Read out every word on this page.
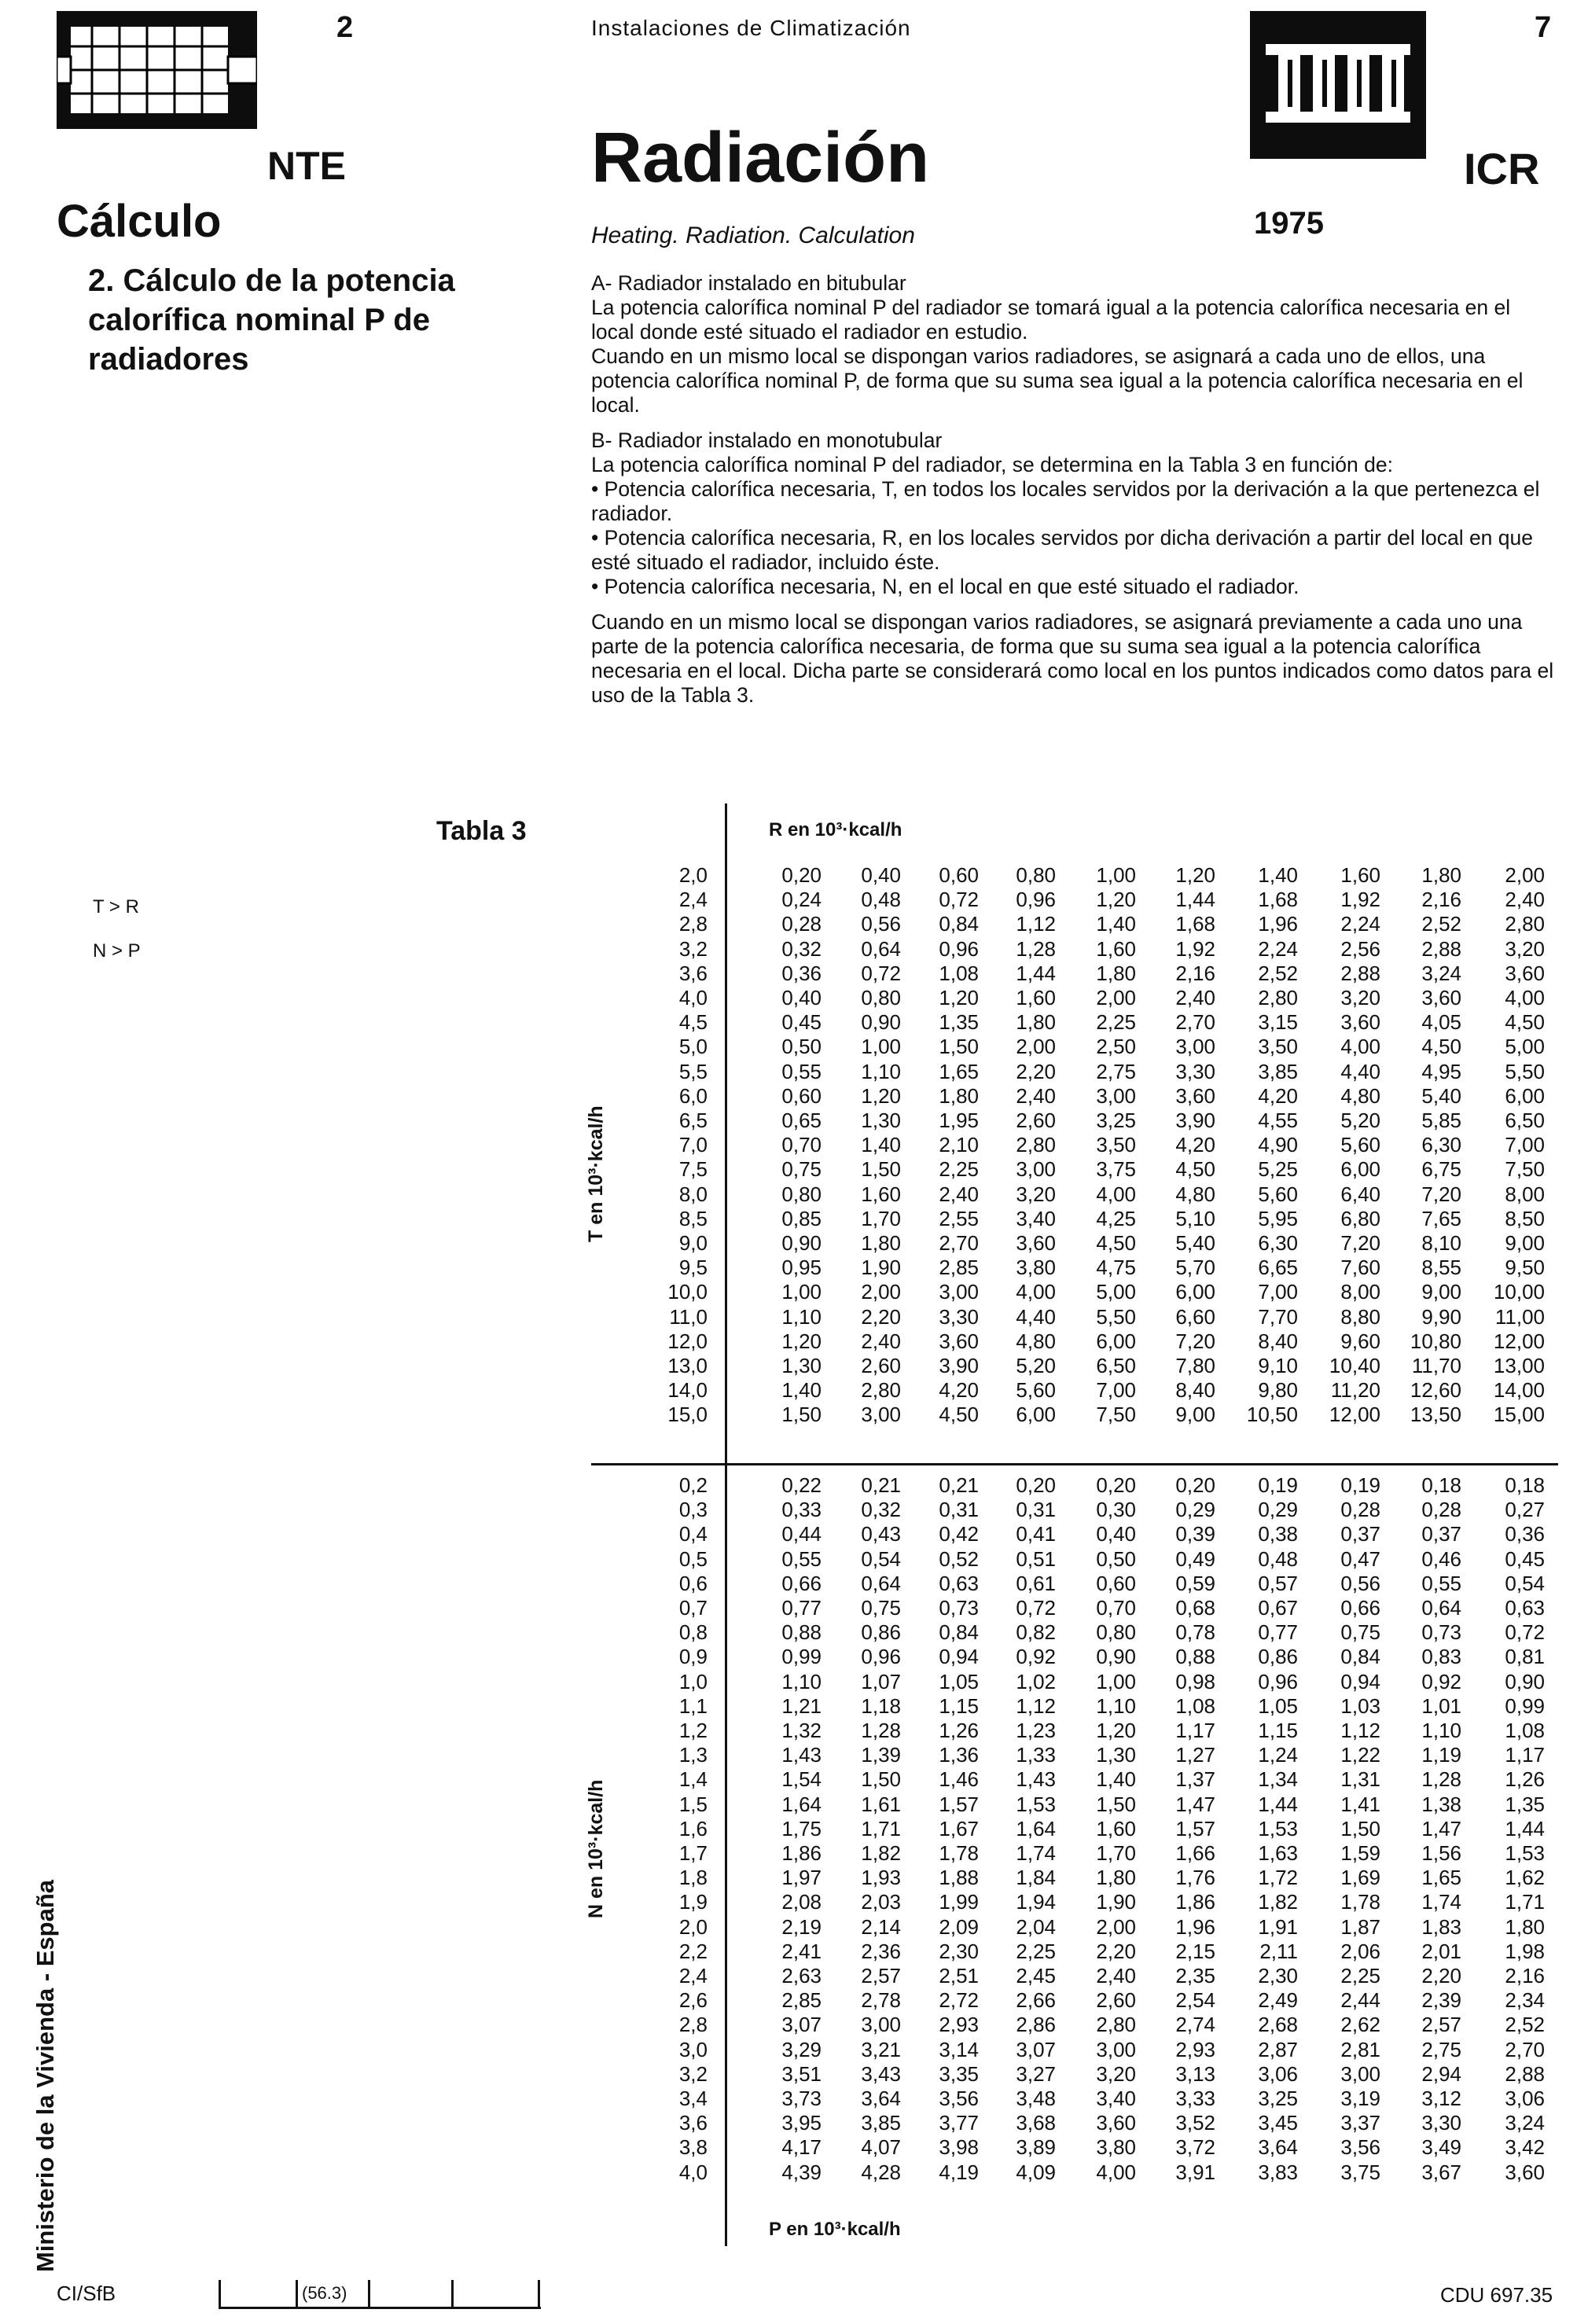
2	Instalaciones de Climatización
Radiación
NTE
Cálculo	Heating. Radiation. Calculation
7
ICR
1975
2. Cálculo de la potencia calorífica nominal P de radiadores

A- Radiador instalado en bitubular

La potencia calorífica nominal P del radiador se tomará igual a la potencia calorífica necesaria en el local donde esté situado el radiador en estudio.

Cuando en un mismo local se dispongan varios radiadores, se asignará a cada uno de ellos, una potencia calorífica nominal P, de forma que su suma sea igual a la potencia calorífica necesaria en el local.

B- Radiador instalado en monotubular

La potencia calorífica nominal P del radiador, se determina en la Tabla 3 en función de:

• Potencia calorífica necesaria, T, en todos los locales servidos por la derivación a la que pertenezca el radiador.

• Potencia calorífica necesaria, R, en los locales servidos por dicha derivación a partir del local en que esté situado el radiador, incluido éste.

• Potencia calorífica necesaria, N, en el local en que esté situado el radiador.

Cuando en un mismo local se dispongan varios radiadores, se asignará previamente a cada uno una parte de la potencia calorífica necesaria, de forma que su suma sea igual a la potencia calorífica necesaria en el local. Dicha parte se considerará como local en los puntos indicados como datos para el uso de la Tabla 3.

T > R
N > P
Tabla 3	R en 10³·kcal/h
P en 10³·kcal/h
T en 10³·kcal/h
N en 10³·kcal/h
2,0	0,20	0,40	0,60	0,80	1,00	1,20	1,40	1,60	1,80	2,00
2,4	0,24	0,48	0,72	0,96	1,20	1,44	1,68	1,92	2,16	2,40
2,8	0,28	0,56	0,84	1,12	1,40	1,68	1,96	2,24	2,52	2,80
3,2	0,32	0,64	0,96	1,28	1,60	1,92	2,24	2,56	2,88	3,20
3,6	0,36	0,72	1,08	1,44	1,80	2,16	2,52	2,88	3,24	3,60
4,0	0,40	0,80	1,20	1,60	2,00	2,40	2,80	3,20	3,60	4,00
4,5	0,45	0,90	1,35	1,80	2,25	2,70	3,15	3,60	4,05	4,50
5,0	0,50	1,00	1,50	2,00	2,50	3,00	3,50	4,00	4,50	5,00
5,5	0,55	1,10	1,65	2,20	2,75	3,30	3,85	4,40	4,95	5,50
6,0	0,60	1,20	1,80	2,40	3,00	3,60	4,20	4,80	5,40	6,00
6,5	0,65	1,30	1,95	2,60	3,25	3,90	4,55	5,20	5,85	6,50
7,0	0,70	1,40	2,10	2,80	3,50	4,20	4,90	5,60	6,30	7,00
7,5	0,75	1,50	2,25	3,00	3,75	4,50	5,25	6,00	6,75	7,50
8,0	0,80	1,60	2,40	3,20	4,00	4,80	5,60	6,40	7,20	8,00
8,5	0,85	1,70	2,55	3,40	4,25	5,10	5,95	6,80	7,65	8,50
9,0	0,90	1,80	2,70	3,60	4,50	5,40	6,30	7,20	8,10	9,00
9,5	0,95	1,90	2,85	3,80	4,75	5,70	6,65	7,60	8,55	9,50
10,0	1,00	2,00	3,00	4,00	5,00	6,00	7,00	8,00	9,00	10,00
11,0	1,10	2,20	3,30	4,40	5,50	6,60	7,70	8,80	9,90	11,00
12,0	1,20	2,40	3,60	4,80	6,00	7,20	8,40	9,60	10,80	12,00
13,0	1,30	2,60	3,90	5,20	6,50	7,80	9,10	10,40	11,70	13,00
14,0	1,40	2,80	4,20	5,60	7,00	8,40	9,80	11,20	12,60	14,00
15,0	1,50	3,00	4,50	6,00	7,50	9,00	10,50	12,00	13,50	15,00
0,2	0,22	0,21	0,21	0,20	0,20	0,20	0,19	0,19	0,18	0,18
0,3	0,33	0,32	0,31	0,31	0,30	0,29	0,29	0,28	0,28	0,27
0,4	0,44	0,43	0,42	0,41	0,40	0,39	0,38	0,37	0,37	0,36
0,5	0,55	0,54	0,52	0,51	0,50	0,49	0,48	0,47	0,46	0,45
0,6	0,66	0,64	0,63	0,61	0,60	0,59	0,57	0,56	0,55	0,54
0,7	0,77	0,75	0,73	0,72	0,70	0,68	0,67	0,66	0,64	0,63
0,8	0,88	0,86	0,84	0,82	0,80	0,78	0,77	0,75	0,73	0,72
0,9	0,99	0,96	0,94	0,92	0,90	0,88	0,86	0,84	0,83	0,81
1,0	1,10	1,07	1,05	1,02	1,00	0,98	0,96	0,94	0,92	0,90
1,1	1,21	1,18	1,15	1,12	1,10	1,08	1,05	1,03	1,01	0,99
1,2	1,32	1,28	1,26	1,23	1,20	1,17	1,15	1,12	1,10	1,08
1,3	1,43	1,39	1,36	1,33	1,30	1,27	1,24	1,22	1,19	1,17
1,4	1,54	1,50	1,46	1,43	1,40	1,37	1,34	1,31	1,28	1,26
1,5	1,64	1,61	1,57	1,53	1,50	1,47	1,44	1,41	1,38	1,35
1,6	1,75	1,71	1,67	1,64	1,60	1,57	1,53	1,50	1,47	1,44
1,7	1,86	1,82	1,78	1,74	1,70	1,66	1,63	1,59	1,56	1,53
1,8	1,97	1,93	1,88	1,84	1,80	1,76	1,72	1,69	1,65	1,62
1,9	2,08	2,03	1,99	1,94	1,90	1,86	1,82	1,78	1,74	1,71
2,0	2,19	2,14	2,09	2,04	2,00	1,96	1,91	1,87	1,83	1,80
2,2	2,41	2,36	2,30	2,25	2,20	2,15	2,11	2,06	2,01	1,98
2,4	2,63	2,57	2,51	2,45	2,40	2,35	2,30	2,25	2,20	2,16
2,6	2,85	2,78	2,72	2,66	2,60	2,54	2,49	2,44	2,39	2,34
2,8	3,07	3,00	2,93	2,86	2,80	2,74	2,68	2,62	2,57	2,52
3,0	3,29	3,21	3,14	3,07	3,00	2,93	2,87	2,81	2,75	2,70
3,2	3,51	3,43	3,35	3,27	3,20	3,13	3,06	3,00	2,94	2,88
3,4	3,73	3,64	3,56	3,48	3,40	3,33	3,25	3,19	3,12	3,06
3,6	3,95	3,85	3,77	3,68	3,60	3,52	3,45	3,37	3,30	3,24
3,8	4,17	4,07	3,98	3,89	3,80	3,72	3,64	3,56	3,49	3,42
4,0	4,39	4,28	4,19	4,09	4,00	3,91	3,83	3,75	3,67	3,60
Ministerio de la Vivienda - España
CI/SfB	(56.3)	CDU 697.35
